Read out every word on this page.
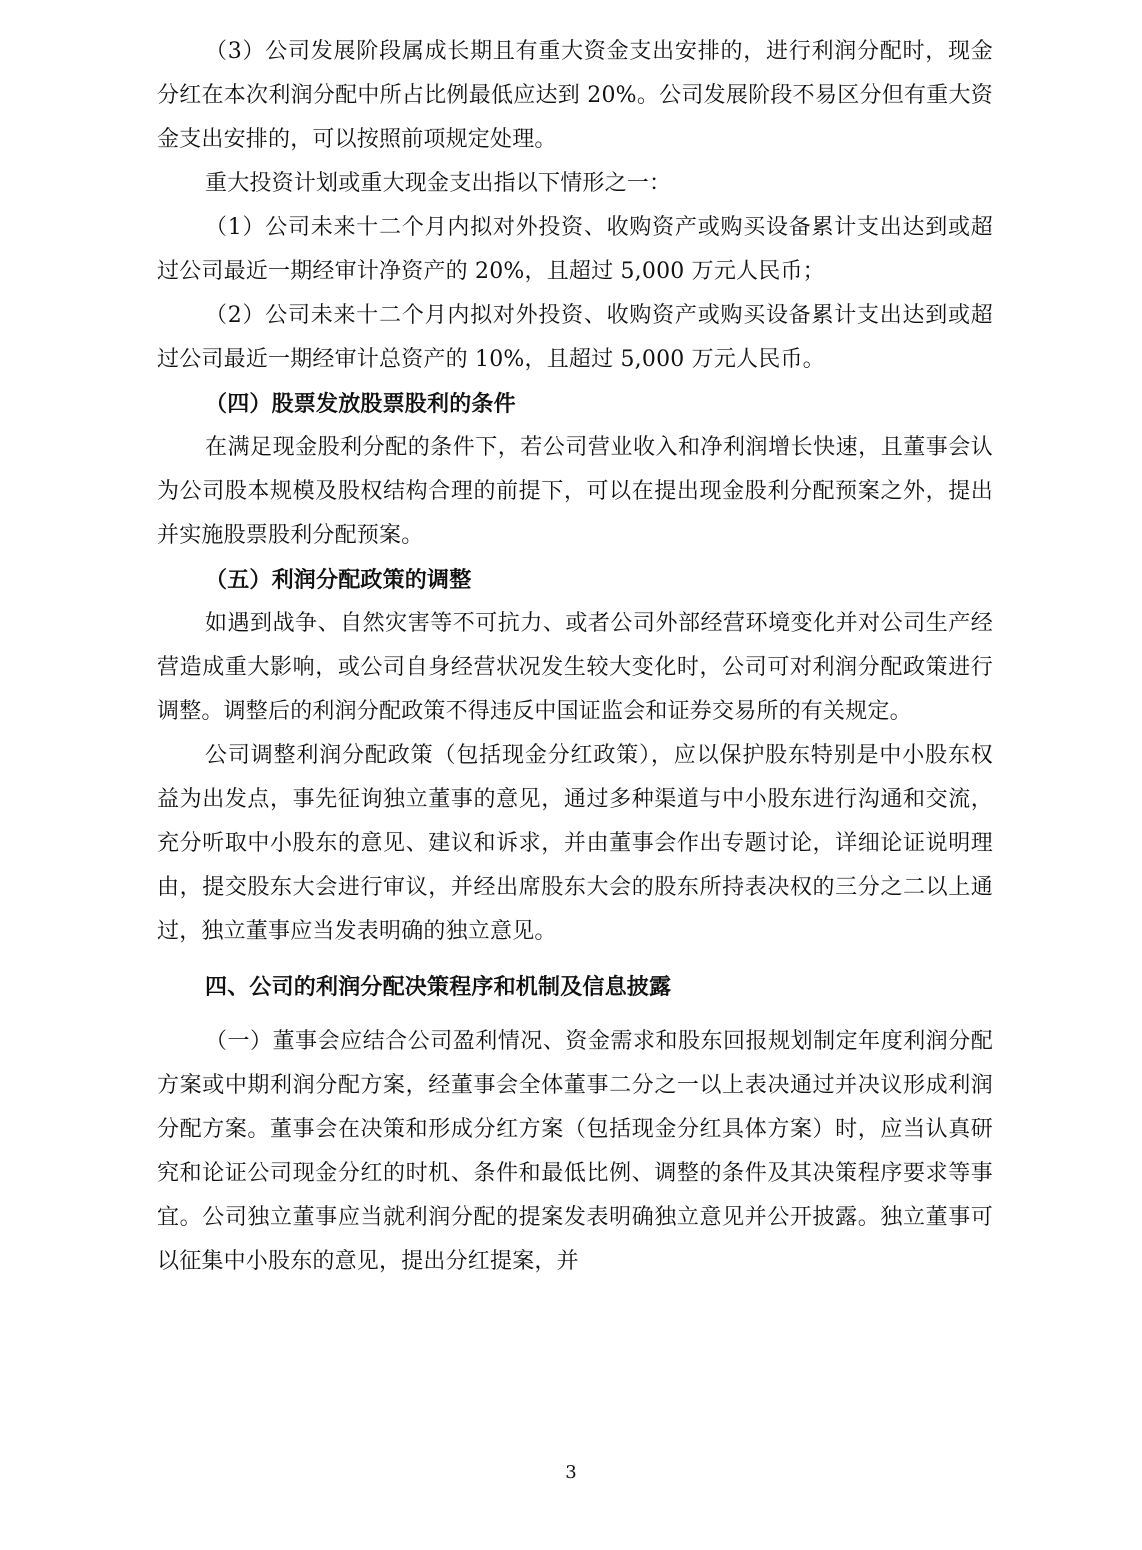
（3）公司发展阶段属成长期且有重大资金支出安排的，进行利润分配时，现金分红在本次利润分配中所占比例最低应达到 20%。公司发展阶段不易区分但有重大资金支出安排的，可以按照前项规定处理。

重大投资计划或重大现金支出指以下情形之一：

（1）公司未来十二个月内拟对外投资、收购资产或购买设备累计支出达到或超过公司最近一期经审计净资产的 20%，且超过 5,000 万元人民币；

（2）公司未来十二个月内拟对外投资、收购资产或购买设备累计支出达到或超过公司最近一期经审计总资产的 10%，且超过 5,000 万元人民币。

（四）股票发放股票股利的条件

在满足现金股利分配的条件下，若公司营业收入和净利润增长快速，且董事会认为公司股本规模及股权结构合理的前提下，可以在提出现金股利分配预案之外，提出并实施股票股利分配预案。

（五）利润分配政策的调整

如遇到战争、自然灾害等不可抗力、或者公司外部经营环境变化并对公司生产经营造成重大影响，或公司自身经营状况发生较大变化时，公司可对利润分配政策进行调整。调整后的利润分配政策不得违反中国证监会和证券交易所的有关规定。

公司调整利润分配政策（包括现金分红政策），应以保护股东特别是中小股东权益为出发点，事先征询独立董事的意见，通过多种渠道与中小股东进行沟通和交流，充分听取中小股东的意见、建议和诉求，并由董事会作出专题讨论，详细论证说明理由，提交股东大会进行审议，并经出席股东大会的股东所持表决权的三分之二以上通过，独立董事应当发表明确的独立意见。

四、公司的利润分配决策程序和机制及信息披露

（一）董事会应结合公司盈利情况、资金需求和股东回报规划制定年度利润分配方案或中期利润分配方案，经董事会全体董事二分之一以上表决通过并决议形成利润分配方案。董事会在决策和形成分红方案（包括现金分红具体方案）时，应当认真研究和论证公司现金分红的时机、条件和最低比例、调整的条件及其决策程序要求等事宜。公司独立董事应当就利润分配的提案发表明确独立意见并公开披露。独立董事可以征集中小股东的意见，提出分红提案，并

3
